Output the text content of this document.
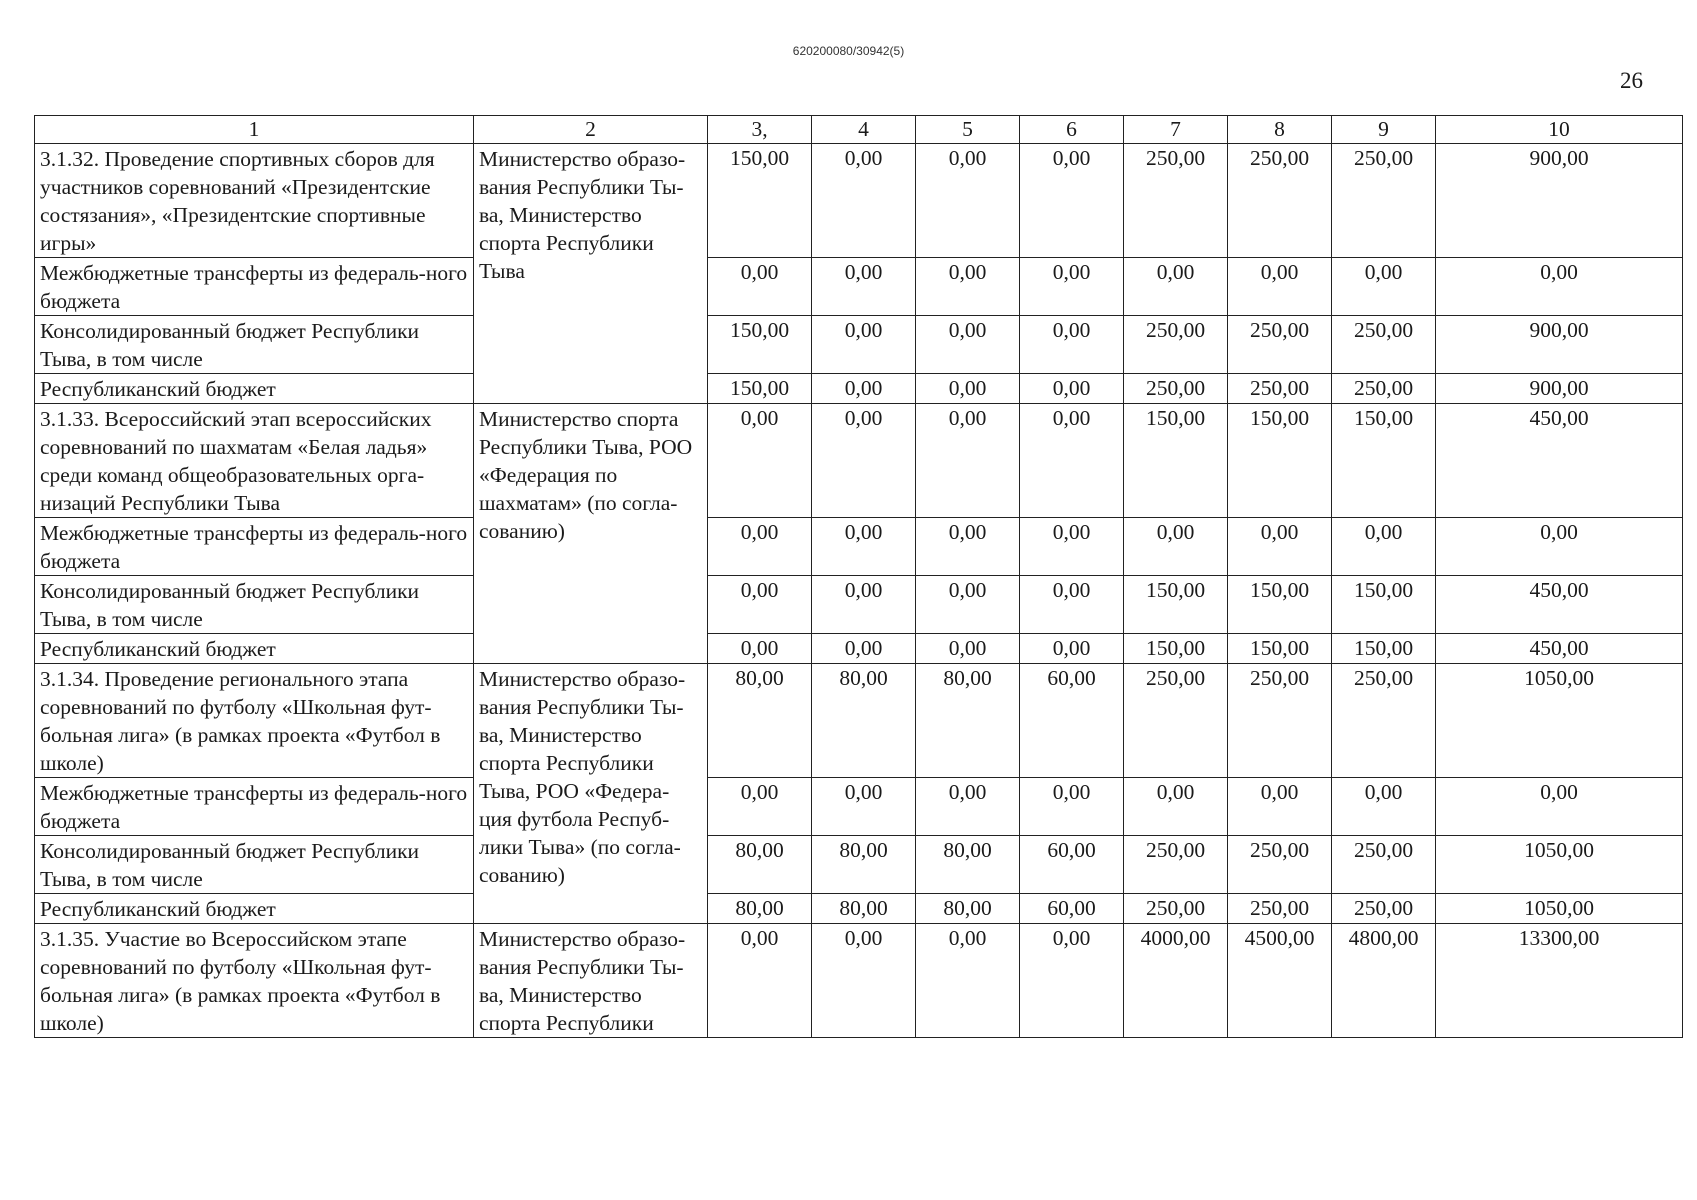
620200080/30942(5)
26
1	2	3,	4	5	6	7	8	9	10
3.1.32. Проведение спортивных сборов для участников соревнований «Президентские состязания», «Президентские спортивные игры»	Министерство образо-вания Республики Ты-ва, Министерство спорта Республики Тыва	150,00	0,00	0,00	0,00	250,00	250,00	250,00	900,00
Межбюджетные трансферты из федераль-ного бюджета		0,00	0,00	0,00	0,00	0,00	0,00	0,00	0,00
Консолидированный бюджет Республики Тыва, в том числе		150,00	0,00	0,00	0,00	250,00	250,00	250,00	900,00
Республиканский бюджет		150,00	0,00	0,00	0,00	250,00	250,00	250,00	900,00
3.1.33. Всероссийский этап всероссийских соревнований по шахматам «Белая ладья» среди команд общеобразовательных орга-низаций Республики Тыва	Министерство спорта Республики Тыва, РОО «Федерация по шахматам» (по согла-сованию)	0,00	0,00	0,00	0,00	150,00	150,00	150,00	450,00
Межбюджетные трансферты из федераль-ного бюджета		0,00	0,00	0,00	0,00	0,00	0,00	0,00	0,00
Консолидированный бюджет Республики Тыва, в том числе		0,00	0,00	0,00	0,00	150,00	150,00	150,00	450,00
Республиканский бюджет		0,00	0,00	0,00	0,00	150,00	150,00	150,00	450,00
3.1.34. Проведение регионального этапа соревнований по футболу «Школьная фут-больная лига» (в рамках проекта «Футбол в школе)	Министерство образо-вания Республики Ты-ва, Министерство спорта Республики Тыва, РОО «Федера-ция футбола Респуб-лики Тыва» (по согла-сованию)	80,00	80,00	80,00	60,00	250,00	250,00	250,00	1050,00
Межбюджетные трансферты из федераль-ного бюджета		0,00	0,00	0,00	0,00	0,00	0,00	0,00	0,00
Консолидированный бюджет Республики Тыва, в том числе		80,00	80,00	80,00	60,00	250,00	250,00	250,00	1050,00
Республиканский бюджет		80,00	80,00	80,00	60,00	250,00	250,00	250,00	1050,00
3.1.35. Участие во Всероссийском этапе соревнований по футболу «Школьная фут-больная лига» (в рамках проекта «Футбол в школе)	Министерство образо-вания Республики Ты-ва, Министерство спорта Республики	0,00	0,00	0,00	0,00	4000,00	4500,00	4800,00	13300,00
